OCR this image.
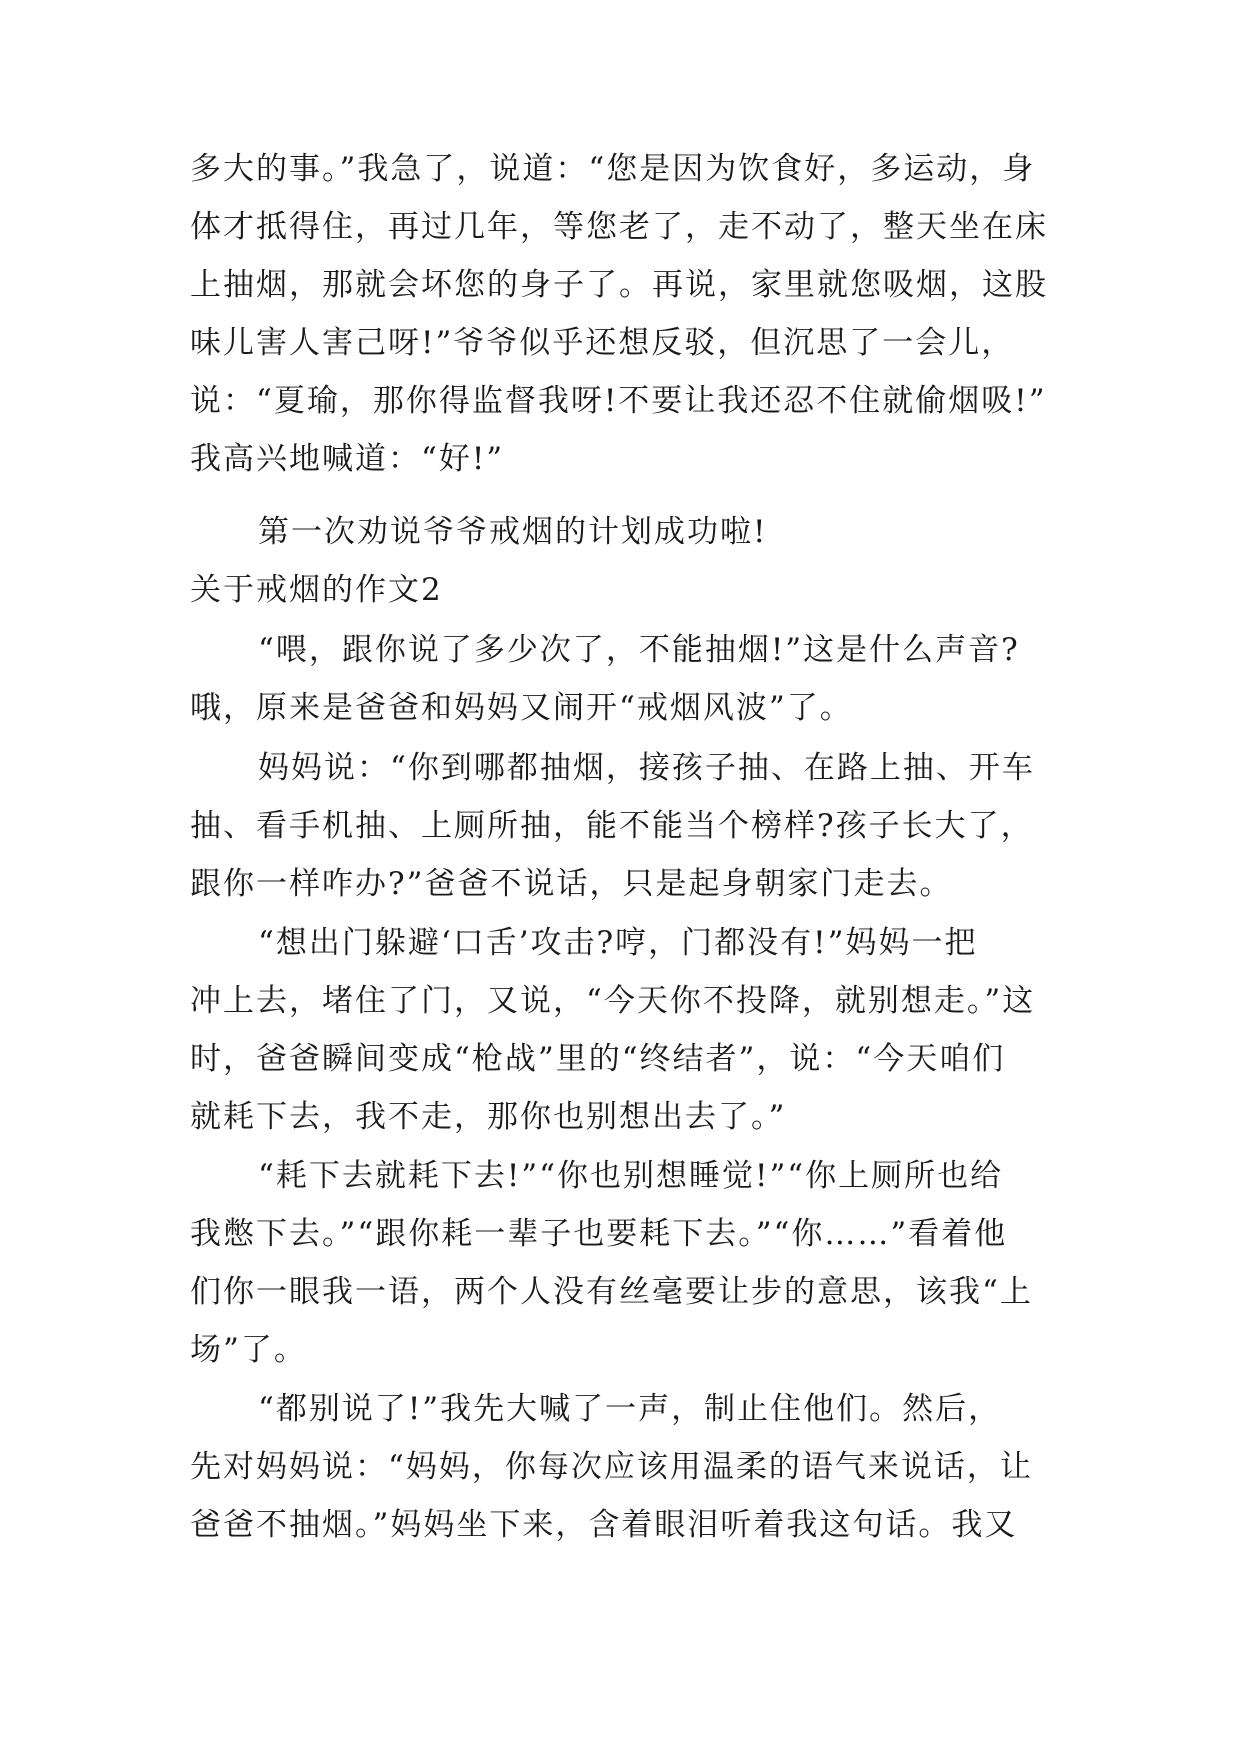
多大的事。”我急了，说道：“您是因为饮食好，多运动，身
体才抵得住，再过几年，等您老了，走不动了，整天坐在床
上抽烟，那就会坏您的身子了。再说，家里就您吸烟，这股
味儿害人害己呀!”爷爷似乎还想反驳，但沉思了一会儿，
说：“夏瑜，那你得监督我呀!不要让我还忍不住就偷烟吸!”
我高兴地喊道：“好!”
第一次劝说爷爷戒烟的计划成功啦!
关于戒烟的作文2
“喂，跟你说了多少次了，不能抽烟!”这是什么声音?
哦，原来是爸爸和妈妈又闹开“戒烟风波”了。
妈妈说：“你到哪都抽烟，接孩子抽、在路上抽、开车
抽、看手机抽、上厕所抽，能不能当个榜样?孩子长大了，
跟你一样咋办?”爸爸不说话，只是起身朝家门走去。
“想出门躲避‘口舌’攻击?哼，门都没有!”妈妈一把
冲上去，堵住了门，又说，“今天你不投降，就别想走。”这
时，爸爸瞬间变成“枪战”里的“终结者”，说：“今天咱们
就耗下去，我不走，那你也别想出去了。”
“耗下去就耗下去!”“你也别想睡觉!”“你上厕所也给
我憋下去。”“跟你耗一辈子也要耗下去。”“你……”看着他
们你一眼我一语，两个人没有丝毫要让步的意思，该我“上
场”了。
“都别说了!”我先大喊了一声，制止住他们。然后，
先对妈妈说：“妈妈，你每次应该用温柔的语气来说话，让
爸爸不抽烟。”妈妈坐下来，含着眼泪听着我这句话。我又
